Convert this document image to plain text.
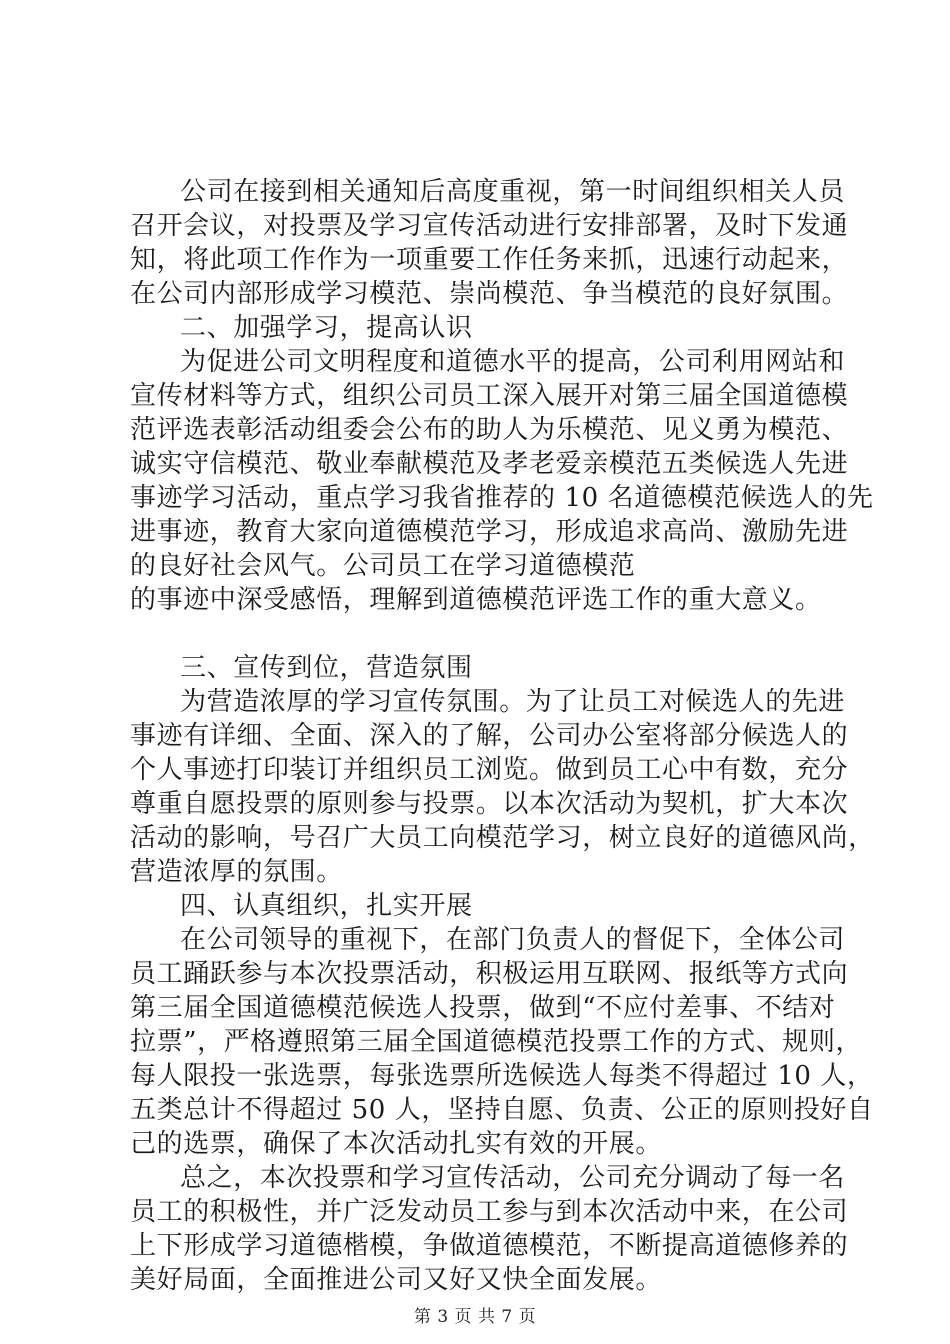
公司在接到相关通知后高度重视，第一时间组织相关人员
召开会议，对投票及学习宣传活动进行安排部署，及时下发通
知，将此项工作作为一项重要工作任务来抓，迅速行动起来，
在公司内部形成学习模范、崇尚模范、争当模范的良好氛围。
二、加强学习，提高认识
为促进公司文明程度和道德水平的提高，公司利用网站和
宣传材料等方式，组织公司员工深入展开对第三届全国道德模
范评选表彰活动组委会公布的助人为乐模范、见义勇为模范、
诚实守信模范、敬业奉献模范及孝老爱亲模范五类候选人先进
事迹学习活动，重点学习我省推荐的 10 名道德模范候选人的先
进事迹，教育大家向道德模范学习，形成追求高尚、激励先进
的良好社会风气。公司员工在学习道德模范
的事迹中深受感悟，理解到道德模范评选工作的重大意义。
三、宣传到位，营造氛围
为营造浓厚的学习宣传氛围。为了让员工对候选人的先进
事迹有详细、全面、深入的了解，公司办公室将部分候选人的
个人事迹打印装订并组织员工浏览。做到员工心中有数，充分
尊重自愿投票的原则参与投票。以本次活动为契机，扩大本次
活动的影响，号召广大员工向模范学习，树立良好的道德风尚，
营造浓厚的氛围。
四、认真组织，扎实开展
在公司领导的重视下，在部门负责人的督促下，全体公司
员工踊跃参与本次投票活动，积极运用互联网、报纸等方式向
第三届全国道德模范候选人投票，做到“不应付差事、不结对
拉票”，严格遵照第三届全国道德模范投票工作的方式、规则，
每人限投一张选票，每张选票所选候选人每类不得超过 10 人，
五类总计不得超过 50 人，坚持自愿、负责、公正的原则投好自
己的选票，确保了本次活动扎实有效的开展。
总之，本次投票和学习宣传活动，公司充分调动了每一名
员工的积极性，并广泛发动员工参与到本次活动中来，在公司
上下形成学习道德楷模，争做道德模范，不断提高道德修养的
美好局面，全面推进公司又好又快全面发展。
第 3 页 共 7 页
